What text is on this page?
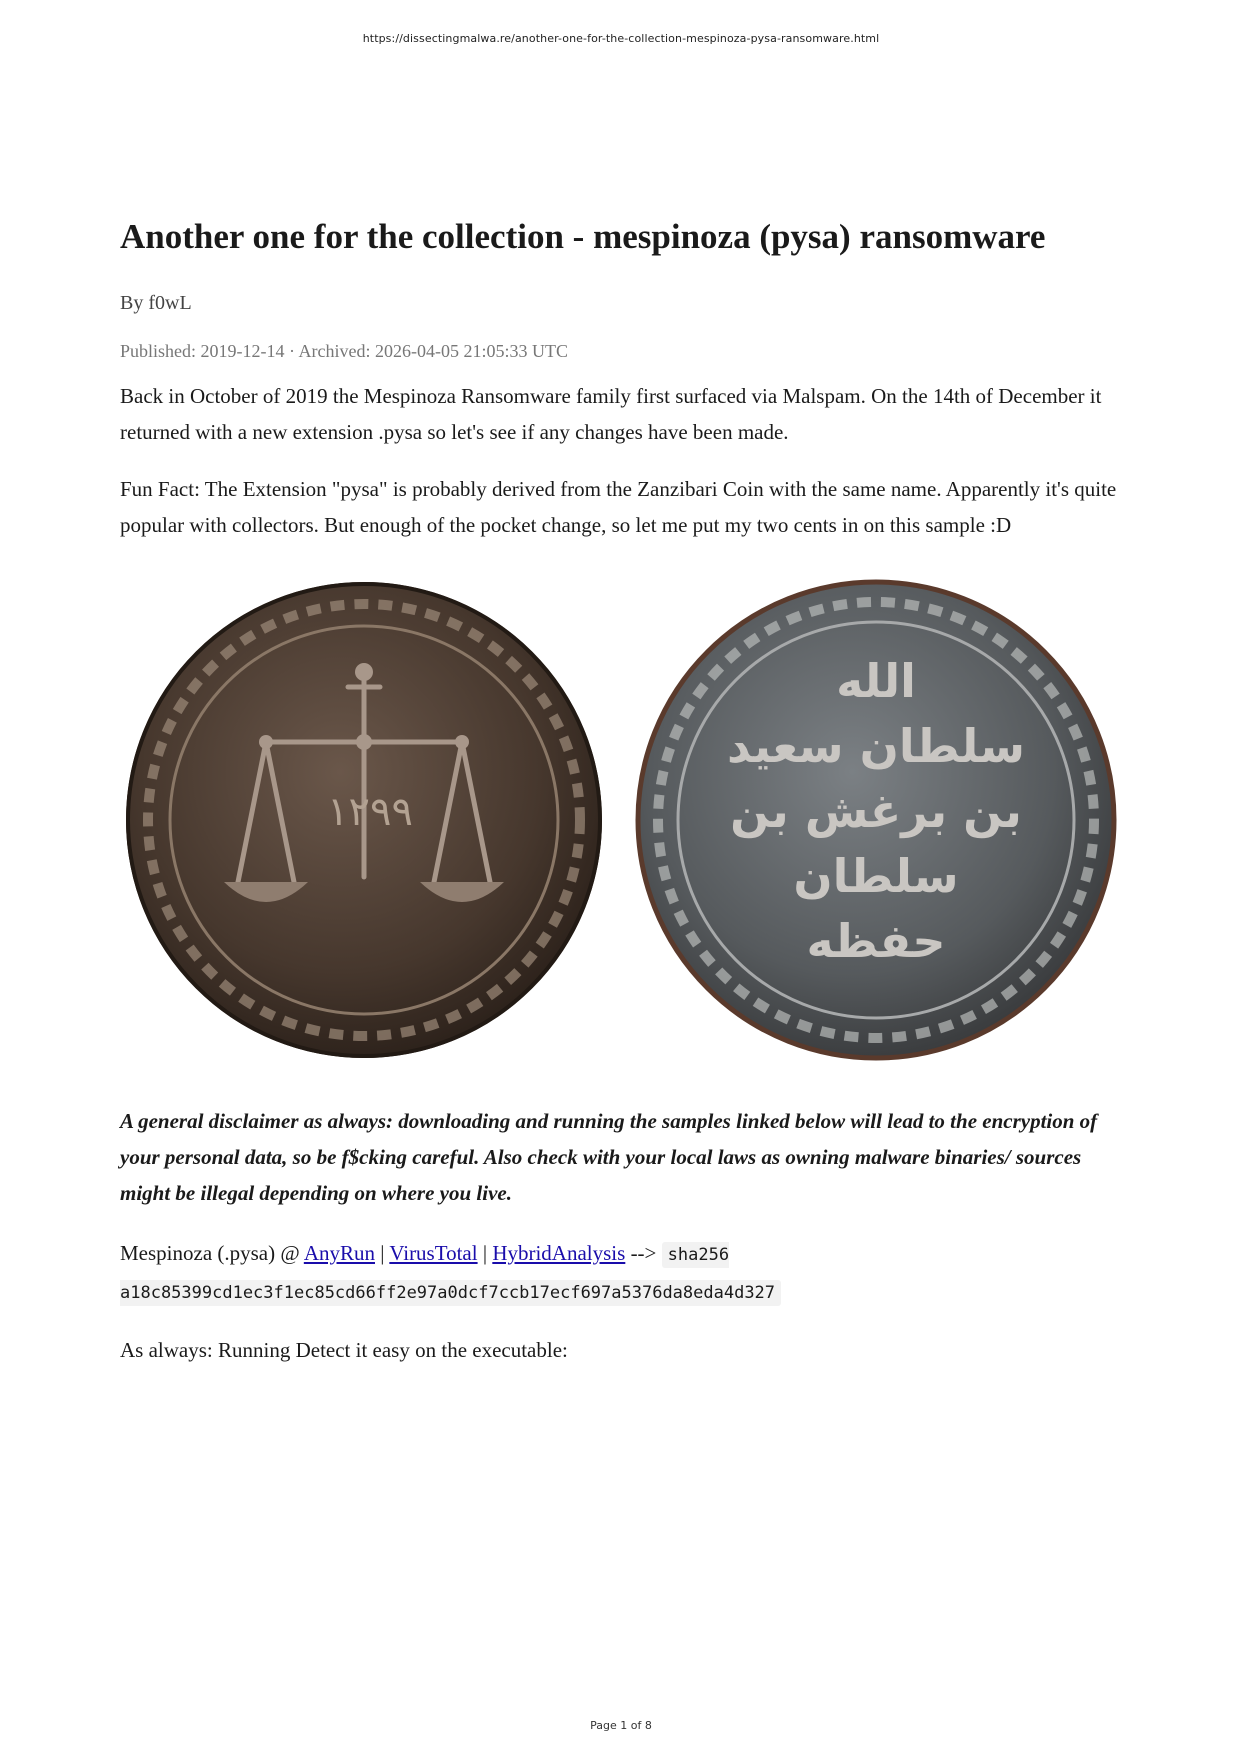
https://dissectingmalwa.re/another-one-for-the-collection-mespinoza-pysa-ransomware.html
Another one for the collection - mespinoza (pysa) ransomware
By f0wL
Published: 2019-12-14 · Archived: 2026-04-05 21:05:33 UTC

Back in October of 2019 the Mespinoza Ransomware family first surfaced via Malspam. On the 14th of December it returned with a new extension .pysa so let's see if any changes have been made.

Fun Fact: The Extension "pysa" is probably derived from the Zanzibari Coin with the same name. Apparently it's quite popular with collectors. But enough of the pocket change, so let me put my two cents in on this sample :D

١٢٩٩
الله
سلطان سعيد
بن برغش بن
سلطان
حفظه

A general disclaimer as always: downloading and running the samples linked below will lead to the encryption of your personal data, so be f$cking careful. Also check with your local laws as owning malware binaries/ sources might be illegal depending on where you live.

Mespinoza (.pysa) @ AnyRun | VirusTotal | HybridAnalysis --> sha256 a18c85399cd1ec3f1ec85cd66ff2e97a0dcf7ccb17ecf697a5376da8eda4d327

As always: Running Detect it easy on the executable:

Page 1 of 8
